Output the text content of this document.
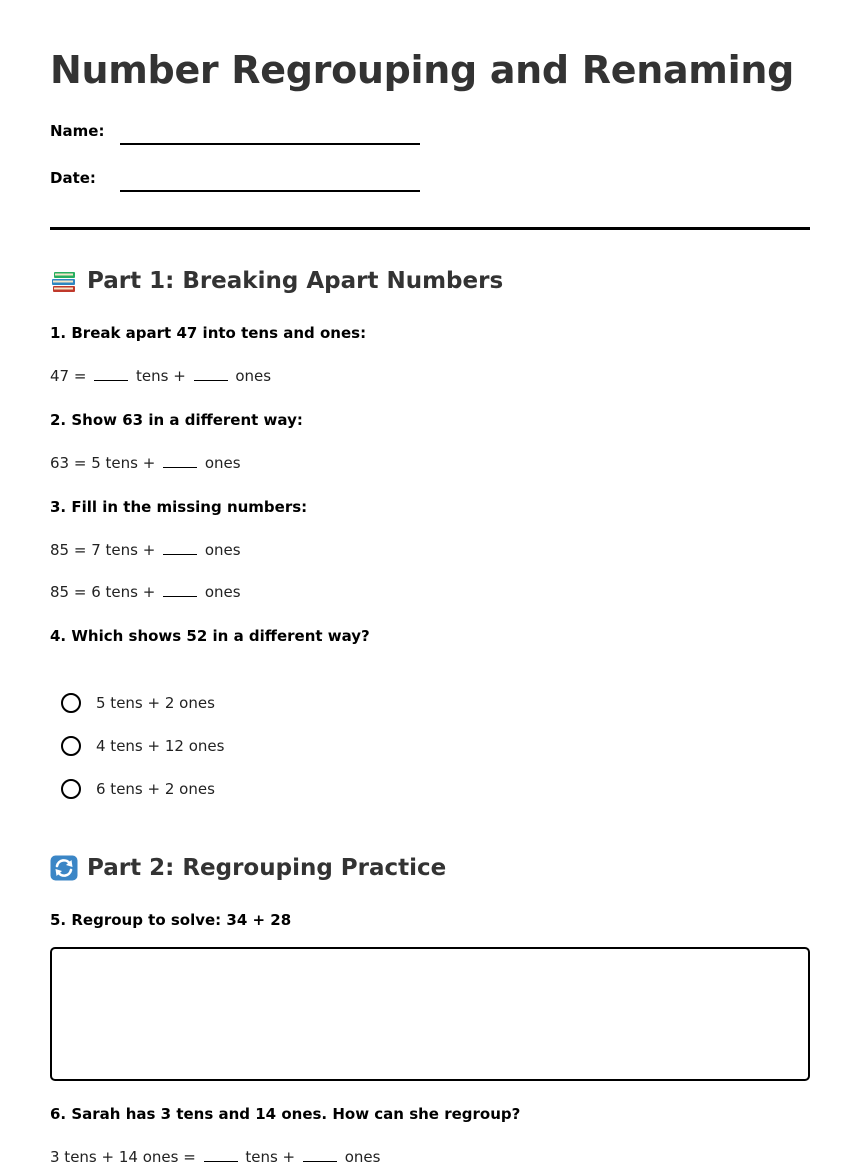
Number Regrouping and Renaming
Name:
Date:
Part 1: Breaking Apart Numbers
1. Break apart 47 into tens and ones:
47 =	tens +	ones
2. Show 63 in a different way:
63 = 5 tens +	ones
3. Fill in the missing numbers:
85 = 7 tens +	ones
85 = 6 tens +	ones
4. Which shows 52 in a different way?
5 tens + 2 ones
4 tens + 12 ones
6 tens + 2 ones
Part 2: Regrouping Practice
5. Regroup to solve: 34 + 28
6. Sarah has 3 tens and 14 ones. How can she regroup?
3 tens + 14 ones =	tens +	ones
